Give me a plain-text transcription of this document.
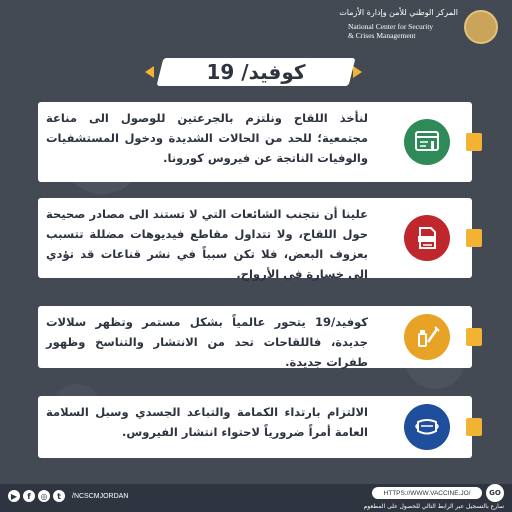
المركز الوطني للأمن وإدارة الأزمات
National Center for Security
& Crises Management
كوفيد/ 19
لنأخذ اللقاح ونلتزم بالجرعتين للوصول الى مناعة مجتمعية؛ للحد من الحالات الشديدة ودخول المستشفيات والوفيات الناتجة عن فيروس كورونا.
علينا أن نتجنب الشائعات التي لا تستند الى مصادر صحيحة حول اللقاح، ولا تتداول مقاطع فيديوهات مضللة تتسبب بعزوف البعض، فلا تكن سبباً في نشر قناعات قد تؤدي الى خسارة في الأرواح.
كوفيد/19 يتحور عالمياً بشكل مستمر وتظهر سلالات جديدة، فاللقاحات تحد من الانتشار والتناسخ وظهور طفرات جديدة.
الالتزام بارتداء الكمامة والتباعد الجسدي وسبل السلامة العامة أمراً ضرورياً لاحتواء انتشار الفيروس.
▶	f	◎	t	/NCSCMJORDAN	HTTPS://WWW.VACCINE.JO/	GO
سارع بالتسجيل عبر الرابط التالي للحصول على المطعوم
